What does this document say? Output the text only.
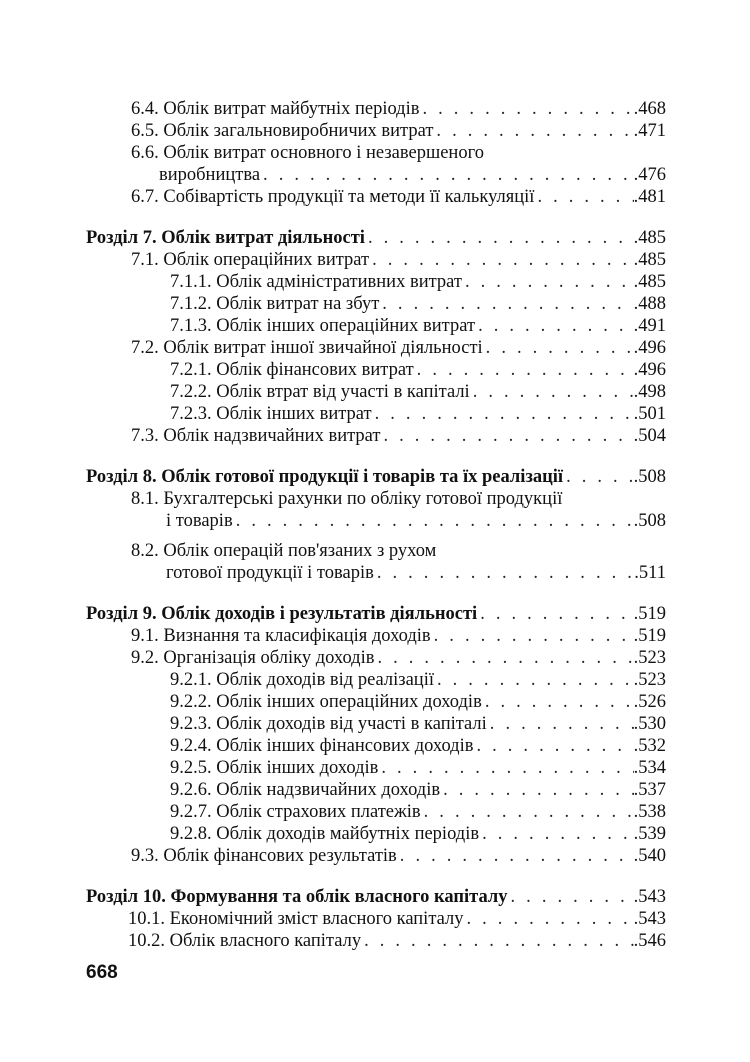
6.4. Облік витрат майбутніх періодів . . .	.468
6.5. Облік загальновиробничих витрат . . .	.471
6.6. Облік витрат основного і незавершеного
виробництва . . .	.476
6.7. Собівартість продукції та методи її калькуляції . . .	.481
Розділ 7. Облік витрат діяльності . . .	.485
7.1. Облік операційних витрат . . .	.485
7.1.1. Облік адміністративних витрат . . .	.485
7.1.2. Облік витрат на збут . . .	.488
7.1.3. Облік інших операційних витрат . . .	.491
7.2. Облік витрат іншої звичайної діяльності . . .	.496
7.2.1. Облік фінансових витрат . . .	.496
7.2.2. Облік втрат від участі в капіталі . . .	.498
7.2.3. Облік інших витрат . . .	.501
7.3. Облік надзвичайних витрат . . .	.504
Розділ 8. Облік готової продукції і товарів та їх реалізації . . .	.508
8.1. Бухгалтерські рахунки по обліку готової продукції
і товарів . . .	.508
8.2. Облік операцій пов'язаних з рухом
готової продукції і товарів . . .	.511
Розділ 9. Облік доходів і результатів діяльності . . .	.519
9.1. Визнання та класифікація доходів . . .	.519
9.2. Організація обліку доходів . . .	.523
9.2.1. Облік доходів від реалізації . . .	.523
9.2.2. Облік інших операційних доходів . . .	.526
9.2.3. Облік доходів від участі в капіталі . . .	.530
9.2.4. Облік інших фінансових доходів . . .	.532
9.2.5. Облік інших доходів . . .	.534
9.2.6. Облік надзвичайних доходів . . .	.537
9.2.7. Облік страхових платежів . . .	.538
9.2.8. Облік доходів майбутніх періодів . . .	.539
9.3. Облік фінансових результатів . . .	.540
Розділ 10. Формування та облік власного капіталу . . .	.543
10.1. Економічний зміст власного капіталу . . .	.543
10.2. Облік власного капіталу . . .	.546
668
